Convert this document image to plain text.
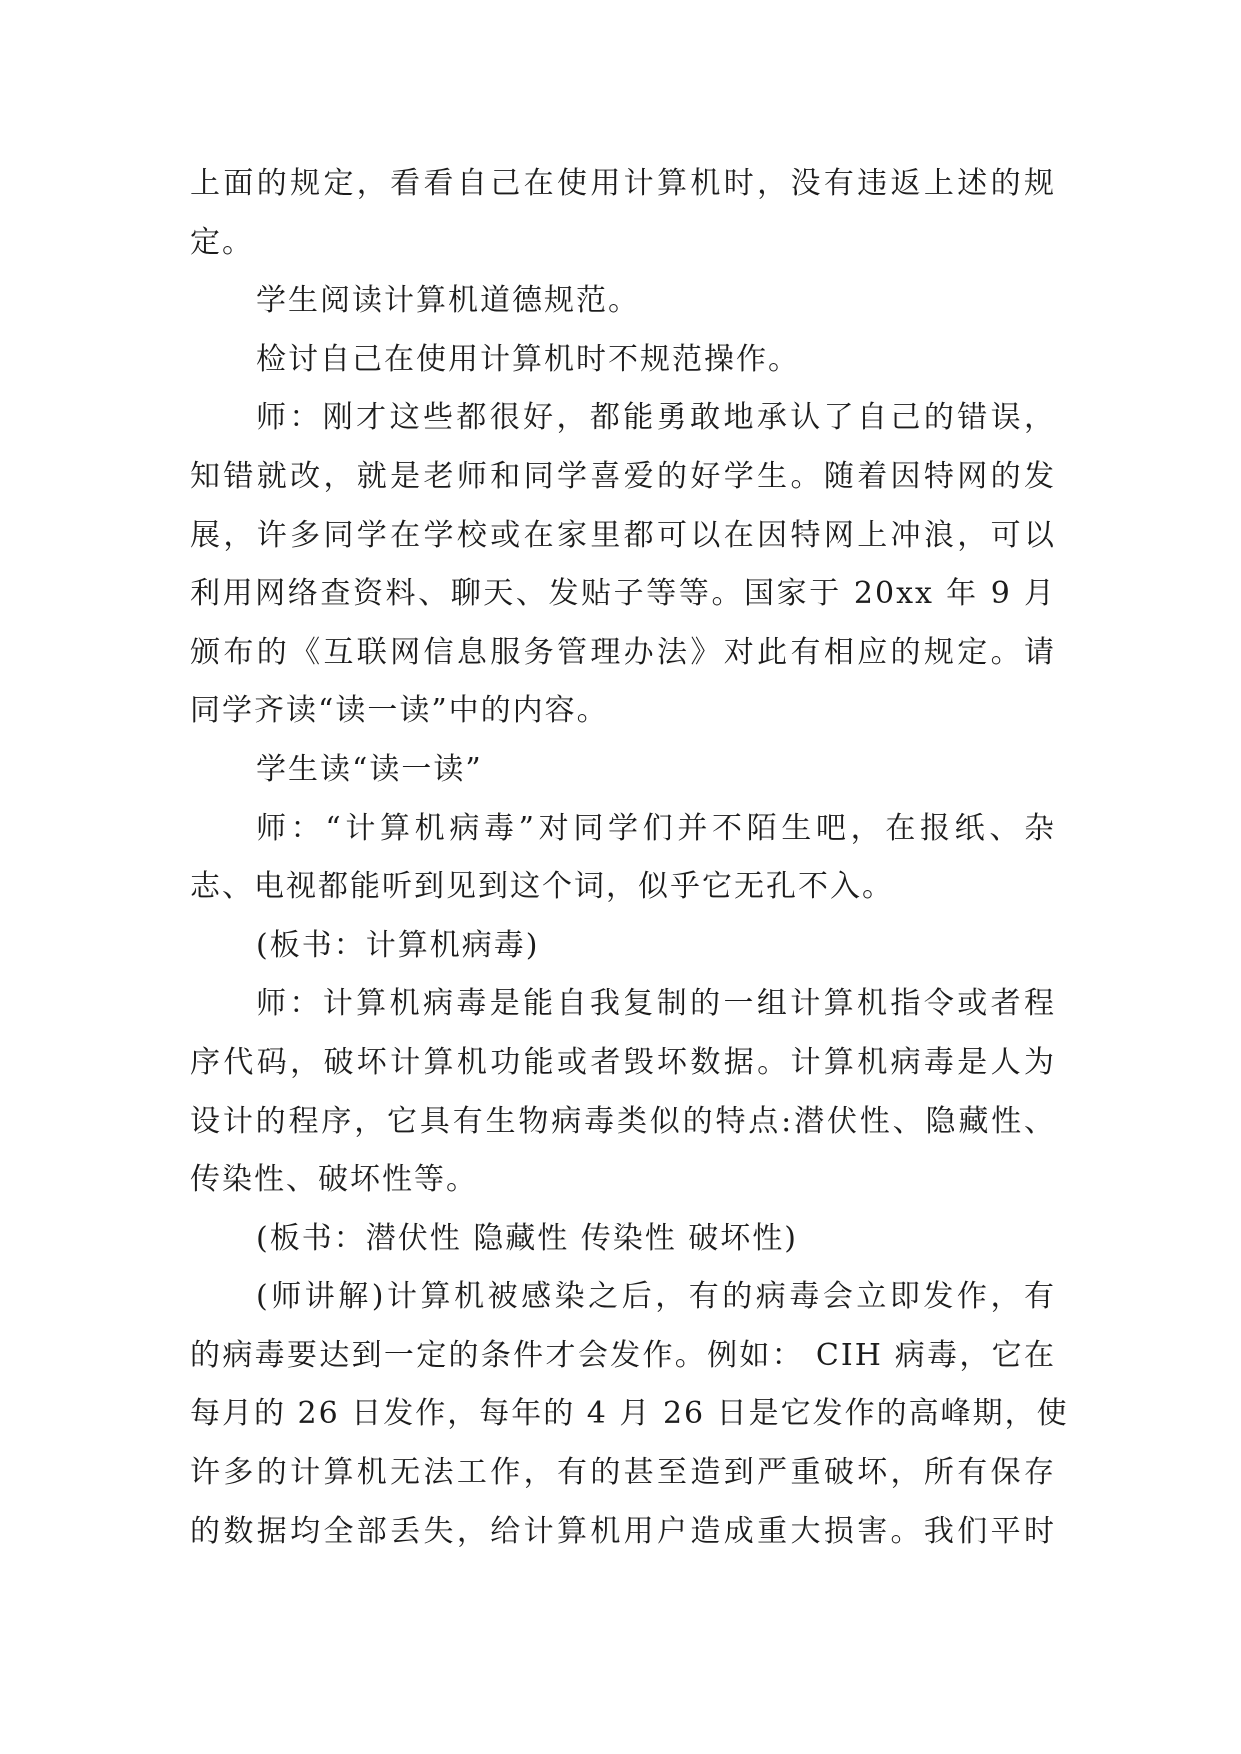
上面的规定，看看自己在使用计算机时，没有违返上述的规
定。
学生阅读计算机道德规范。
检讨自己在使用计算机时不规范操作。
师：刚才这些都很好，都能勇敢地承认了自己的错误，
知错就改，就是老师和同学喜爱的好学生。随着因特网的发
展，许多同学在学校或在家里都可以在因特网上冲浪，可以
利用网络查资料、聊天、发贴子等等。国家于 20xx 年 9 月
颁布的《互联网信息服务管理办法》对此有相应的规定。请
同学齐读“读一读”中的内容。
学生读“读一读”
师：“计算机病毒”对同学们并不陌生吧，在报纸、杂
志、电视都能听到见到这个词，似乎它无孔不入。
(板书：计算机病毒)
师：计算机病毒是能自我复制的一组计算机指令或者程
序代码，破坏计算机功能或者毁坏数据。计算机病毒是人为
设计的程序，它具有生物病毒类似的特点:潜伏性、隐藏性、
传染性、破坏性等。
(板书：潜伏性 隐藏性 传染性 破坏性)
(师讲解)计算机被感染之后，有的病毒会立即发作，有
的病毒要达到一定的条件才会发作。例如： CIH 病毒，它在
每月的 26 日发作，每年的 4 月 26 日是它发作的高峰期，使
许多的计算机无法工作，有的甚至造到严重破坏，所有保存
的数据均全部丢失，给计算机用户造成重大损害。我们平时
